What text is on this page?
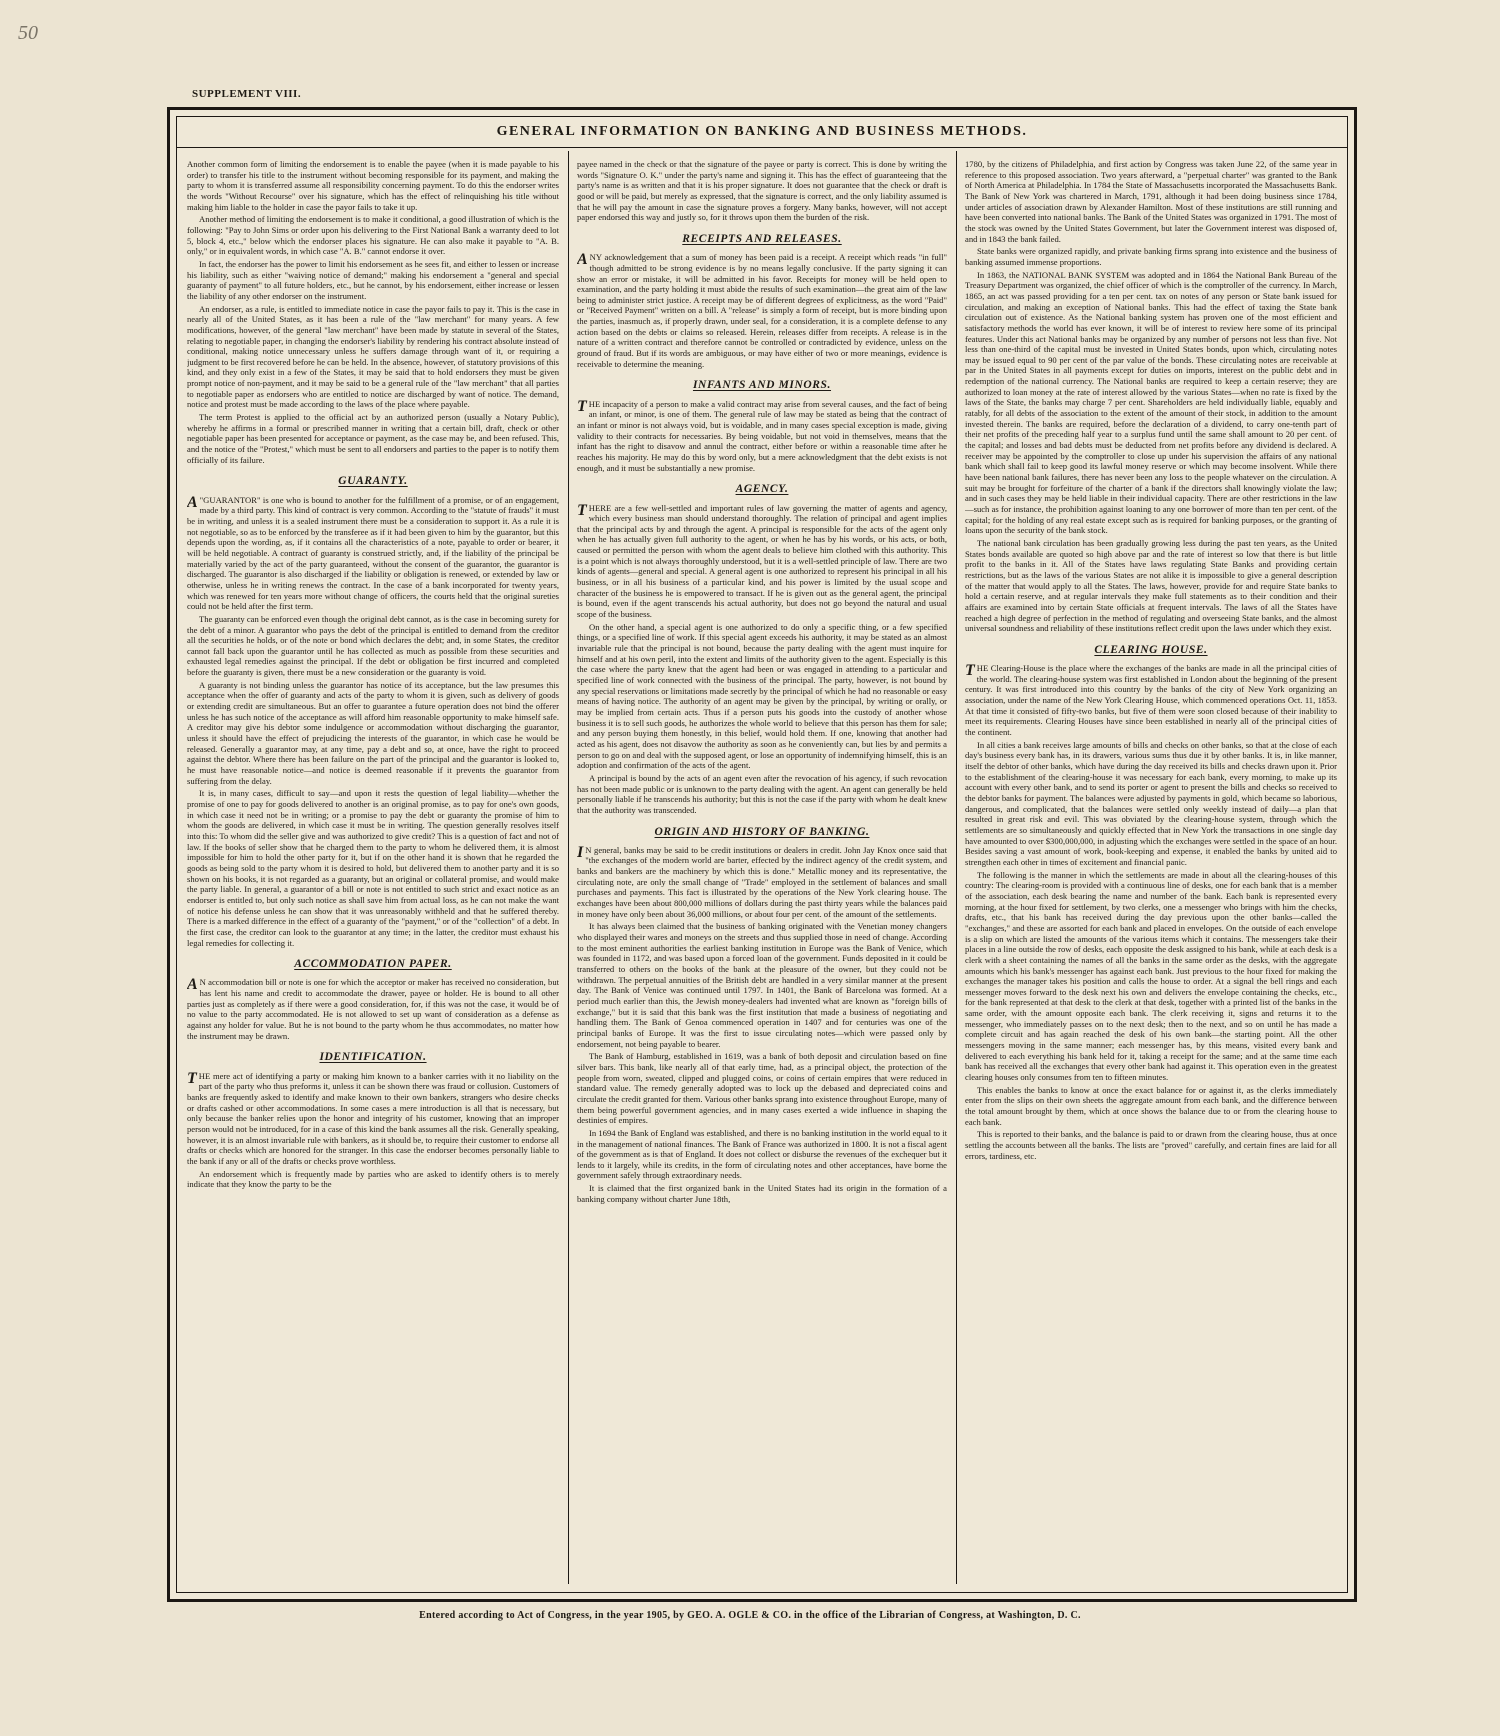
50
SUPPLEMENT VIII.
GENERAL INFORMATION ON BANKING AND BUSINESS METHODS.

Another common form of limiting the endorsement is to enable the payee (when it is made payable to his order) to transfer his title to the instrument without becoming responsible for its payment, and making the party to whom it is transferred assume all responsibility concerning payment. To do this the endorser writes the words "Without Recourse" over his signature, which has the effect of relinquishing his title without making him liable to the holder in case the payor fails to take it up.

Another method of limiting the endorsement is to make it conditional, a good illustration of which is the following: "Pay to John Sims or order upon his delivering to the First National Bank a warranty deed to lot 5, block 4, etc.," below which the endorser places his signature. He can also make it payable to "A. B. only," or in equivalent words, in which case "A. B." cannot endorse it over.

In fact, the endorser has the power to limit his endorsement as he sees fit, and either to lessen or increase his liability, such as either "waiving notice of demand;" making his endorsement a "general and special guaranty of payment" to all future holders, etc., but he cannot, by his endorsement, either increase or lessen the liability of any other endorser on the instrument.

An endorser, as a rule, is entitled to immediate notice in case the payor fails to pay it. This is the case in nearly all of the United States, as it has been a rule of the "law merchant" for many years. A few modifications, however, of the general "law merchant" have been made by statute in several of the States, relating to negotiable paper, in changing the endorser's liability by rendering his contract absolute instead of conditional, making notice unnecessary unless he suffers damage through want of it, or requiring a judgment to be first recovered before he can be held. In the absence, however, of statutory provisions of this kind, and they only exist in a few of the States, it may be said that to hold endorsers they must be given prompt notice of non-payment, and it may be said to be a general rule of the "law merchant" that all parties to negotiable paper as endorsers who are entitled to notice are discharged by want of notice. The demand, notice and protest must be made according to the laws of the place where payable.

The term Protest is applied to the official act by an authorized person (usually a Notary Public), whereby he affirms in a formal or prescribed manner in writing that a certain bill, draft, check or other negotiable paper has been presented for acceptance or payment, as the case may be, and been refused. This, and the notice of the "Protest," which must be sent to all endorsers and parties to the paper is to notify them officially of its failure.

GUARANTY.

A "GUARANTOR" is one who is bound to another for the fulfillment of a promise, or of an engagement, made by a third party. This kind of contract is very common. According to the "statute of frauds" it must be in writing, and unless it is a sealed instrument there must be a consideration to support it. As a rule it is not negotiable, so as to be enforced by the transferee as if it had been given to him by the guarantor, but this depends upon the wording, as, if it contains all the characteristics of a note, payable to order or bearer, it will be held negotiable. A contract of guaranty is construed strictly, and, if the liability of the principal be materially varied by the act of the party guaranteed, without the consent of the guarantor, the guarantor is discharged. The guarantor is also discharged if the liability or obligation is renewed, or extended by law or otherwise, unless he in writing renews the contract. In the case of a bank incorporated for twenty years, which was renewed for ten years more without change of officers, the courts held that the original sureties could not be held after the first term.

The guaranty can be enforced even though the original debt cannot, as is the case in becoming surety for the debt of a minor. A guarantor who pays the debt of the principal is entitled to demand from the creditor all the securities he holds, or of the note or bond which declares the debt; and, in some States, the creditor cannot fall back upon the guarantor until he has collected as much as possible from these securities and exhausted legal remedies against the principal. If the debt or obligation be first incurred and completed before the guaranty is given, there must be a new consideration or the guaranty is void.

A guaranty is not binding unless the guarantor has notice of its acceptance, but the law presumes this acceptance when the offer of guaranty and acts of the party to whom it is given, such as delivery of goods or extending credit are simultaneous. But an offer to guarantee a future operation does not bind the offerer unless he has such notice of the acceptance as will afford him reasonable opportunity to make himself safe. A creditor may give his debtor some indulgence or accommodation without discharging the guarantor, unless it should have the effect of prejudicing the interests of the guarantor, in which case he would be released. Generally a guarantor may, at any time, pay a debt and so, at once, have the right to proceed against the debtor. Where there has been failure on the part of the principal and the guarantor is looked to, he must have reasonable notice—and notice is deemed reasonable if it prevents the guarantor from suffering from the delay.

It is, in many cases, difficult to say—and upon it rests the question of legal liability—whether the promise of one to pay for goods delivered to another is an original promise, as to pay for one's own goods, in which case it need not be in writing; or a promise to pay the debt or guaranty the promise of him to whom the goods are delivered, in which case it must be in writing. The question generally resolves itself into this: To whom did the seller give and was authorized to give credit? This is a question of fact and not of law. If the books of seller show that he charged them to the party to whom he delivered them, it is almost impossible for him to hold the other party for it, but if on the other hand it is shown that he regarded the goods as being sold to the party whom it is desired to hold, but delivered them to another party and it is so shown on his books, it is not regarded as a guaranty, but an original or collateral promise, and would make the party liable. In general, a guarantor of a bill or note is not entitled to such strict and exact notice as an endorser is entitled to, but only such notice as shall save him from actual loss, as he can not make the want of notice his defense unless he can show that it was unreasonably withheld and that he suffered thereby. There is a marked difference in the effect of a guaranty of the "payment," or of the "collection" of a debt. In the first case, the creditor can look to the guarantor at any time; in the latter, the creditor must exhaust his legal remedies for collecting it.

ACCOMMODATION PAPER.

A N accommodation bill or note is one for which the acceptor or maker has received no consideration, but has lent his name and credit to accommodate the drawer, payee or holder. He is bound to all other parties just as completely as if there were a good consideration, for, if this was not the case, it would be of no value to the party accommodated. He is not allowed to set up want of consideration as a defense as against any holder for value. But he is not bound to the party whom he thus accommodates, no matter how the instrument may be drawn.

IDENTIFICATION.

THE mere act of identifying a party or making him known to a banker carries with it no liability on the part of the party who thus preforms it, unless it can be shown there was fraud or collusion. Customers of banks are frequently asked to identify and make known to their own bankers, strangers who desire checks or drafts cashed or other accommodations. In some cases a mere introduction is all that is necessary, but only because the banker relies upon the honor and integrity of his customer, knowing that an improper person would not be introduced, for in a case of this kind the bank assumes all the risk. Generally speaking, however, it is an almost invariable rule with bankers, as it should be, to require their customer to endorse all drafts or checks which are honored for the stranger. In this case the endorser becomes personally liable to the bank if any or all of the drafts or checks prove worthless.

An endorsement which is frequently made by parties who are asked to identify others is to merely indicate that they know the party to be the

payee named in the check or that the signature of the payee or party is correct. This is done by writing the words "Signature O. K." under the party's name and signing it. This has the effect of guaranteeing that the party's name is as written and that it is his proper signature. It does not guarantee that the check or draft is good or will be paid, but merely as expressed, that the signature is correct, and the only liability assumed is that he will pay the amount in case the signature proves a forgery. Many banks, however, will not accept paper endorsed this way and justly so, for it throws upon them the burden of the risk.

RECEIPTS AND RELEASES.

ANY acknowledgement that a sum of money has been paid is a receipt. A receipt which reads "in full" though admitted to be strong evidence is by no means legally conclusive. If the party signing it can show an error or mistake, it will be admitted in his favor. Receipts for money will be held open to examination, and the party holding it must abide the results of such examination—the great aim of the law being to administer strict justice. A receipt may be of different degrees of explicitness, as the word "Paid" or "Received Payment" written on a bill. A "release" is simply a form of receipt, but is more binding upon the parties, inasmuch as, if properly drawn, under seal, for a consideration, it is a complete defense to any action based on the debts or claims so released. Herein, releases differ from receipts. A release is in the nature of a written contract and therefore cannot be controlled or contradicted by evidence, unless on the ground of fraud. But if its words are ambiguous, or may have either of two or more meanings, evidence is receivable to determine the meaning.

INFANTS AND MINORS.

THE incapacity of a person to make a valid contract may arise from several causes, and the fact of being an infant, or minor, is one of them. The general rule of law may be stated as being that the contract of an infant or minor is not always void, but is voidable, and in many cases special exception is made, giving validity to their contracts for necessaries. By being voidable, but not void in themselves, means that the infant has the right to disavow and annul the contract, either before or within a reasonable time after he reaches his majority. He may do this by word only, but a mere acknowledgment that the debt exists is not enough, and it must be substantially a new promise.

AGENCY.

THERE are a few well-settled and important rules of law governing the matter of agents and agency, which every business man should understand thoroughly. The relation of principal and agent implies that the principal acts by and through the agent. A principal is responsible for the acts of the agent only when he has actually given full authority to the agent, or when he has by his words, or his acts, or both, caused or permitted the person with whom the agent deals to believe him clothed with this authority. This is a point which is not always thoroughly understood, but it is a well-settled principle of law. There are two kinds of agents—general and special. A general agent is one authorized to represent his principal in all his business, or in all his business of a particular kind, and his power is limited by the usual scope and character of the business he is empowered to transact. If he is given out as the general agent, the principal is bound, even if the agent transcends his actual authority, but does not go beyond the natural and usual scope of the business.

On the other hand, a special agent is one authorized to do only a specific thing, or a few specified things, or a specified line of work. If this special agent exceeds his authority, it may be stated as an almost invariable rule that the principal is not bound, because the party dealing with the agent must inquire for himself and at his own peril, into the extent and limits of the authority given to the agent. Especially is this the case where the party knew that the agent had been or was engaged in attending to a particular and specified line of work connected with the business of the principal. The party, however, is not bound by any special reservations or limitations made secretly by the principal of which he had no reasonable or easy means of having notice. The authority of an agent may be given by the principal, by writing or orally, or may be implied from certain acts. Thus if a person puts his goods into the custody of another whose business it is to sell such goods, he authorizes the whole world to believe that this person has them for sale; and any person buying them honestly, in this belief, would hold them. If one, knowing that another had acted as his agent, does not disavow the authority as soon as he conveniently can, but lies by and permits a person to go on and deal with the supposed agent, or lose an opportunity of indemnifying himself, this is an adoption and confirmation of the acts of the agent.

A principal is bound by the acts of an agent even after the revocation of his agency, if such revocation has not been made public or is unknown to the party dealing with the agent. An agent can generally be held personally liable if he transcends his authority; but this is not the case if the party with whom he dealt knew that the authority was transcended.

ORIGIN AND HISTORY OF BANKING.

I N general, banks may be said to be credit institutions or dealers in credit. John Jay Knox once said that "the exchanges of the modern world are barter, effected by the indirect agency of the credit system, and banks and bankers are the machinery by which this is done." Metallic money and its representative, the circulating note, are only the small change of "Trade" employed in the settlement of balances and small purchases and payments. This fact is illustrated by the operations of the New York clearing house. The exchanges have been about 800,000 millions of dollars during the past thirty years while the balances paid in money have only been about 36,000 millions, or about four per cent. of the amount of the settlements.

It has always been claimed that the business of banking originated with the Venetian money changers who displayed their wares and moneys on the streets and thus supplied those in need of change. According to the most eminent authorities the earliest banking institution in Europe was the Bank of Venice, which was founded in 1172, and was based upon a forced loan of the government. Funds deposited in it could be transferred to others on the books of the bank at the pleasure of the owner, but they could not be withdrawn. The perpetual annuities of the British debt are handled in a very similar manner at the present day. The Bank of Venice was continued until 1797. In 1401, the Bank of Barcelona was formed. At a period much earlier than this, the Jewish money-dealers had invented what are known as "foreign bills of exchange," but it is said that this bank was the first institution that made a business of negotiating and handling them. The Bank of Genoa commenced operation in 1407 and for centuries was one of the principal banks of Europe. It was the first to issue circulating notes—which were passed only by endorsement, not being payable to bearer.

The Bank of Hamburg, established in 1619, was a bank of both deposit and circulation based on fine silver bars. This bank, like nearly all of that early time, had, as a principal object, the protection of the people from worn, sweated, clipped and plugged coins, or coins of certain empires that were reduced in standard value. The remedy generally adopted was to lock up the debased and depreciated coins and circulate the credit granted for them. Various other banks sprang into existence throughout Europe, many of them being powerful government agencies, and in many cases exerted a wide influence in shaping the destinies of empires.

In 1694 the Bank of England was established, and there is no banking institution in the world equal to it in the management of national finances. The Bank of France was authorized in 1800. It is not a fiscal agent of the government as is that of England. It does not collect or disburse the revenues of the exchequer but it lends to it largely, while its credits, in the form of circulating notes and other acceptances, have borne the government safely through extraordinary needs.

It is claimed that the first organized bank in the United States had its origin in the formation of a banking company without charter June 18th,

1780, by the citizens of Philadelphia, and first action by Congress was taken June 22, of the same year in reference to this proposed association. Two years afterward, a "perpetual charter" was granted to the Bank of North America at Philadelphia. In 1784 the State of Massachusetts incorporated the Massachusetts Bank. The Bank of New York was chartered in March, 1791, although it had been doing business since 1784, under articles of association drawn by Alexander Hamilton. Most of these institutions are still running and have been converted into national banks. The Bank of the United States was organized in 1791. The most of the stock was owned by the United States Government, but later the Government interest was disposed of, and in 1843 the bank failed.

State banks were organized rapidly, and private banking firms sprang into existence and the business of banking assumed immense proportions.

In 1863, the NATIONAL BANK SYSTEM was adopted and in 1864 the National Bank Bureau of the Treasury Department was organized, the chief officer of which is the comptroller of the currency. In March, 1865, an act was passed providing for a ten per cent. tax on notes of any person or State bank issued for circulation, and making an exception of National banks. This had the effect of taxing the State bank circulation out of existence. As the National banking system has proven one of the most efficient and satisfactory methods the world has ever known, it will be of interest to review here some of its principal features. Under this act National banks may be organized by any number of persons not less than five. Not less than one-third of the capital must be invested in United States bonds, upon which, circulating notes may be issued equal to 90 per cent of the par value of the bonds. These circulating notes are receivable at par in the United States in all payments except for duties on imports, interest on the public debt and in redemption of the national currency. The National banks are required to keep a certain reserve; they are authorized to loan money at the rate of interest allowed by the various States—when no rate is fixed by the laws of the State, the banks may charge 7 per cent. Shareholders are held individually liable, equably and ratably, for all debts of the association to the extent of the amount of their stock, in addition to the amount invested therein. The banks are required, before the declaration of a dividend, to carry one-tenth part of their net profits of the preceding half year to a surplus fund until the same shall amount to 20 per cent. of the capital; and losses and bad debts must be deducted from net profits before any dividend is declared. A receiver may be appointed by the comptroller to close up under his supervision the affairs of any national bank which shall fail to keep good its lawful money reserve or which may become insolvent. While there have been national bank failures, there has never been any loss to the people whatever on the circulation. A suit may be brought for forfeiture of the charter of a bank if the directors shall knowingly violate the law; and in such cases they may be held liable in their individual capacity. There are other restrictions in the law—such as for instance, the prohibition against loaning to any one borrower of more than ten per cent. of the capital; for the holding of any real estate except such as is required for banking purposes, or the granting of loans upon the security of the bank stock.

The national bank circulation has been gradually growing less during the past ten years, as the United States bonds available are quoted so high above par and the rate of interest so low that there is but little profit to the banks in it. All of the States have laws regulating State Banks and providing certain restrictions, but as the laws of the various States are not alike it is impossible to give a general description of the matter that would apply to all the States. The laws, however, provide for and require State banks to hold a certain reserve, and at regular intervals they make full statements as to their condition and their affairs are examined into by certain State officials at frequent intervals. The laws of all the States have reached a high degree of perfection in the method of regulating and overseeing State banks, and the almost universal soundness and reliability of these institutions reflect credit upon the laws under which they exist.

CLEARING HOUSE.

THE Clearing-House is the place where the exchanges of the banks are made in all the principal cities of the world. The clearing-house system was first established in London about the beginning of the present century. It was first introduced into this country by the banks of the city of New York organizing an association, under the name of the New York Clearing House, which commenced operations Oct. 11, 1853. At that time it consisted of fifty-two banks, but five of them were soon closed because of their inability to meet its requirements. Clearing Houses have since been established in nearly all of the principal cities of the continent.

In all cities a bank receives large amounts of bills and checks on other banks, so that at the close of each day's business every bank has, in its drawers, various sums thus due it by other banks. It is, in like manner, itself the debtor of other banks, which have during the day received its bills and checks drawn upon it. Prior to the establishment of the clearing-house it was necessary for each bank, every morning, to make up its account with every other bank, and to send its porter or agent to present the bills and checks so received to the debtor banks for payment. The balances were adjusted by payments in gold, which became so laborious, dangerous, and complicated, that the balances were settled only weekly instead of daily—a plan that resulted in great risk and evil. This was obviated by the clearing-house system, through which the settlements are so simultaneously and quickly effected that in New York the transactions in one single day have amounted to over $300,000,000, in adjusting which the exchanges were settled in the space of an hour. Besides saving a vast amount of work, book-keeping and expense, it enabled the banks by united aid to strengthen each other in times of excitement and financial panic.

The following is the manner in which the settlements are made in about all the clearing-houses of this country: The clearing-room is provided with a continuous line of desks, one for each bank that is a member of the association, each desk bearing the name and number of the bank. Each bank is represented every morning, at the hour fixed for settlement, by two clerks, one a messenger who brings with him the checks, drafts, etc., that his bank has received during the day previous upon the other banks—called the "exchanges," and these are assorted for each bank and placed in envelopes. On the outside of each envelope is a slip on which are listed the amounts of the various items which it contains. The messengers take their places in a line outside the row of desks, each opposite the desk assigned to his bank, while at each desk is a clerk with a sheet containing the names of all the banks in the same order as the desks, with the aggregate amounts which his bank's messenger has against each bank. Just previous to the hour fixed for making the exchanges the manager takes his position and calls the house to order. At a signal the bell rings and each messenger moves forward to the desk next his own and delivers the envelope containing the checks, etc., for the bank represented at that desk to the clerk at that desk, together with a printed list of the banks in the same order, with the amount opposite each bank. The clerk receiving it, signs and returns it to the messenger, who immediately passes on to the next desk; then to the next, and so on until he has made a complete circuit and has again reached the desk of his own bank—the starting point. All the other messengers moving in the same manner; each messenger has, by this means, visited every bank and delivered to each everything his bank held for it, taking a receipt for the same; and at the same time each bank has received all the exchanges that every other bank had against it. This operation even in the greatest clearing houses only consumes from ten to fifteen minutes.

This enables the banks to know at once the exact balance for or against it, as the clerks immediately enter from the slips on their own sheets the aggregate amount from each bank, and the difference between the total amount brought by them, which at once shows the balance due to or from the clearing house to each bank.

This is reported to their banks, and the balance is paid to or drawn from the clearing house, thus at once settling the accounts between all the banks. The lists are "proved" carefully, and certain fines are laid for all errors, tardiness, etc.

Entered according to Act of Congress, in the year 1905, by GEO. A. OGLE & CO. in the office of the Librarian of Congress, at Washington, D. C.
